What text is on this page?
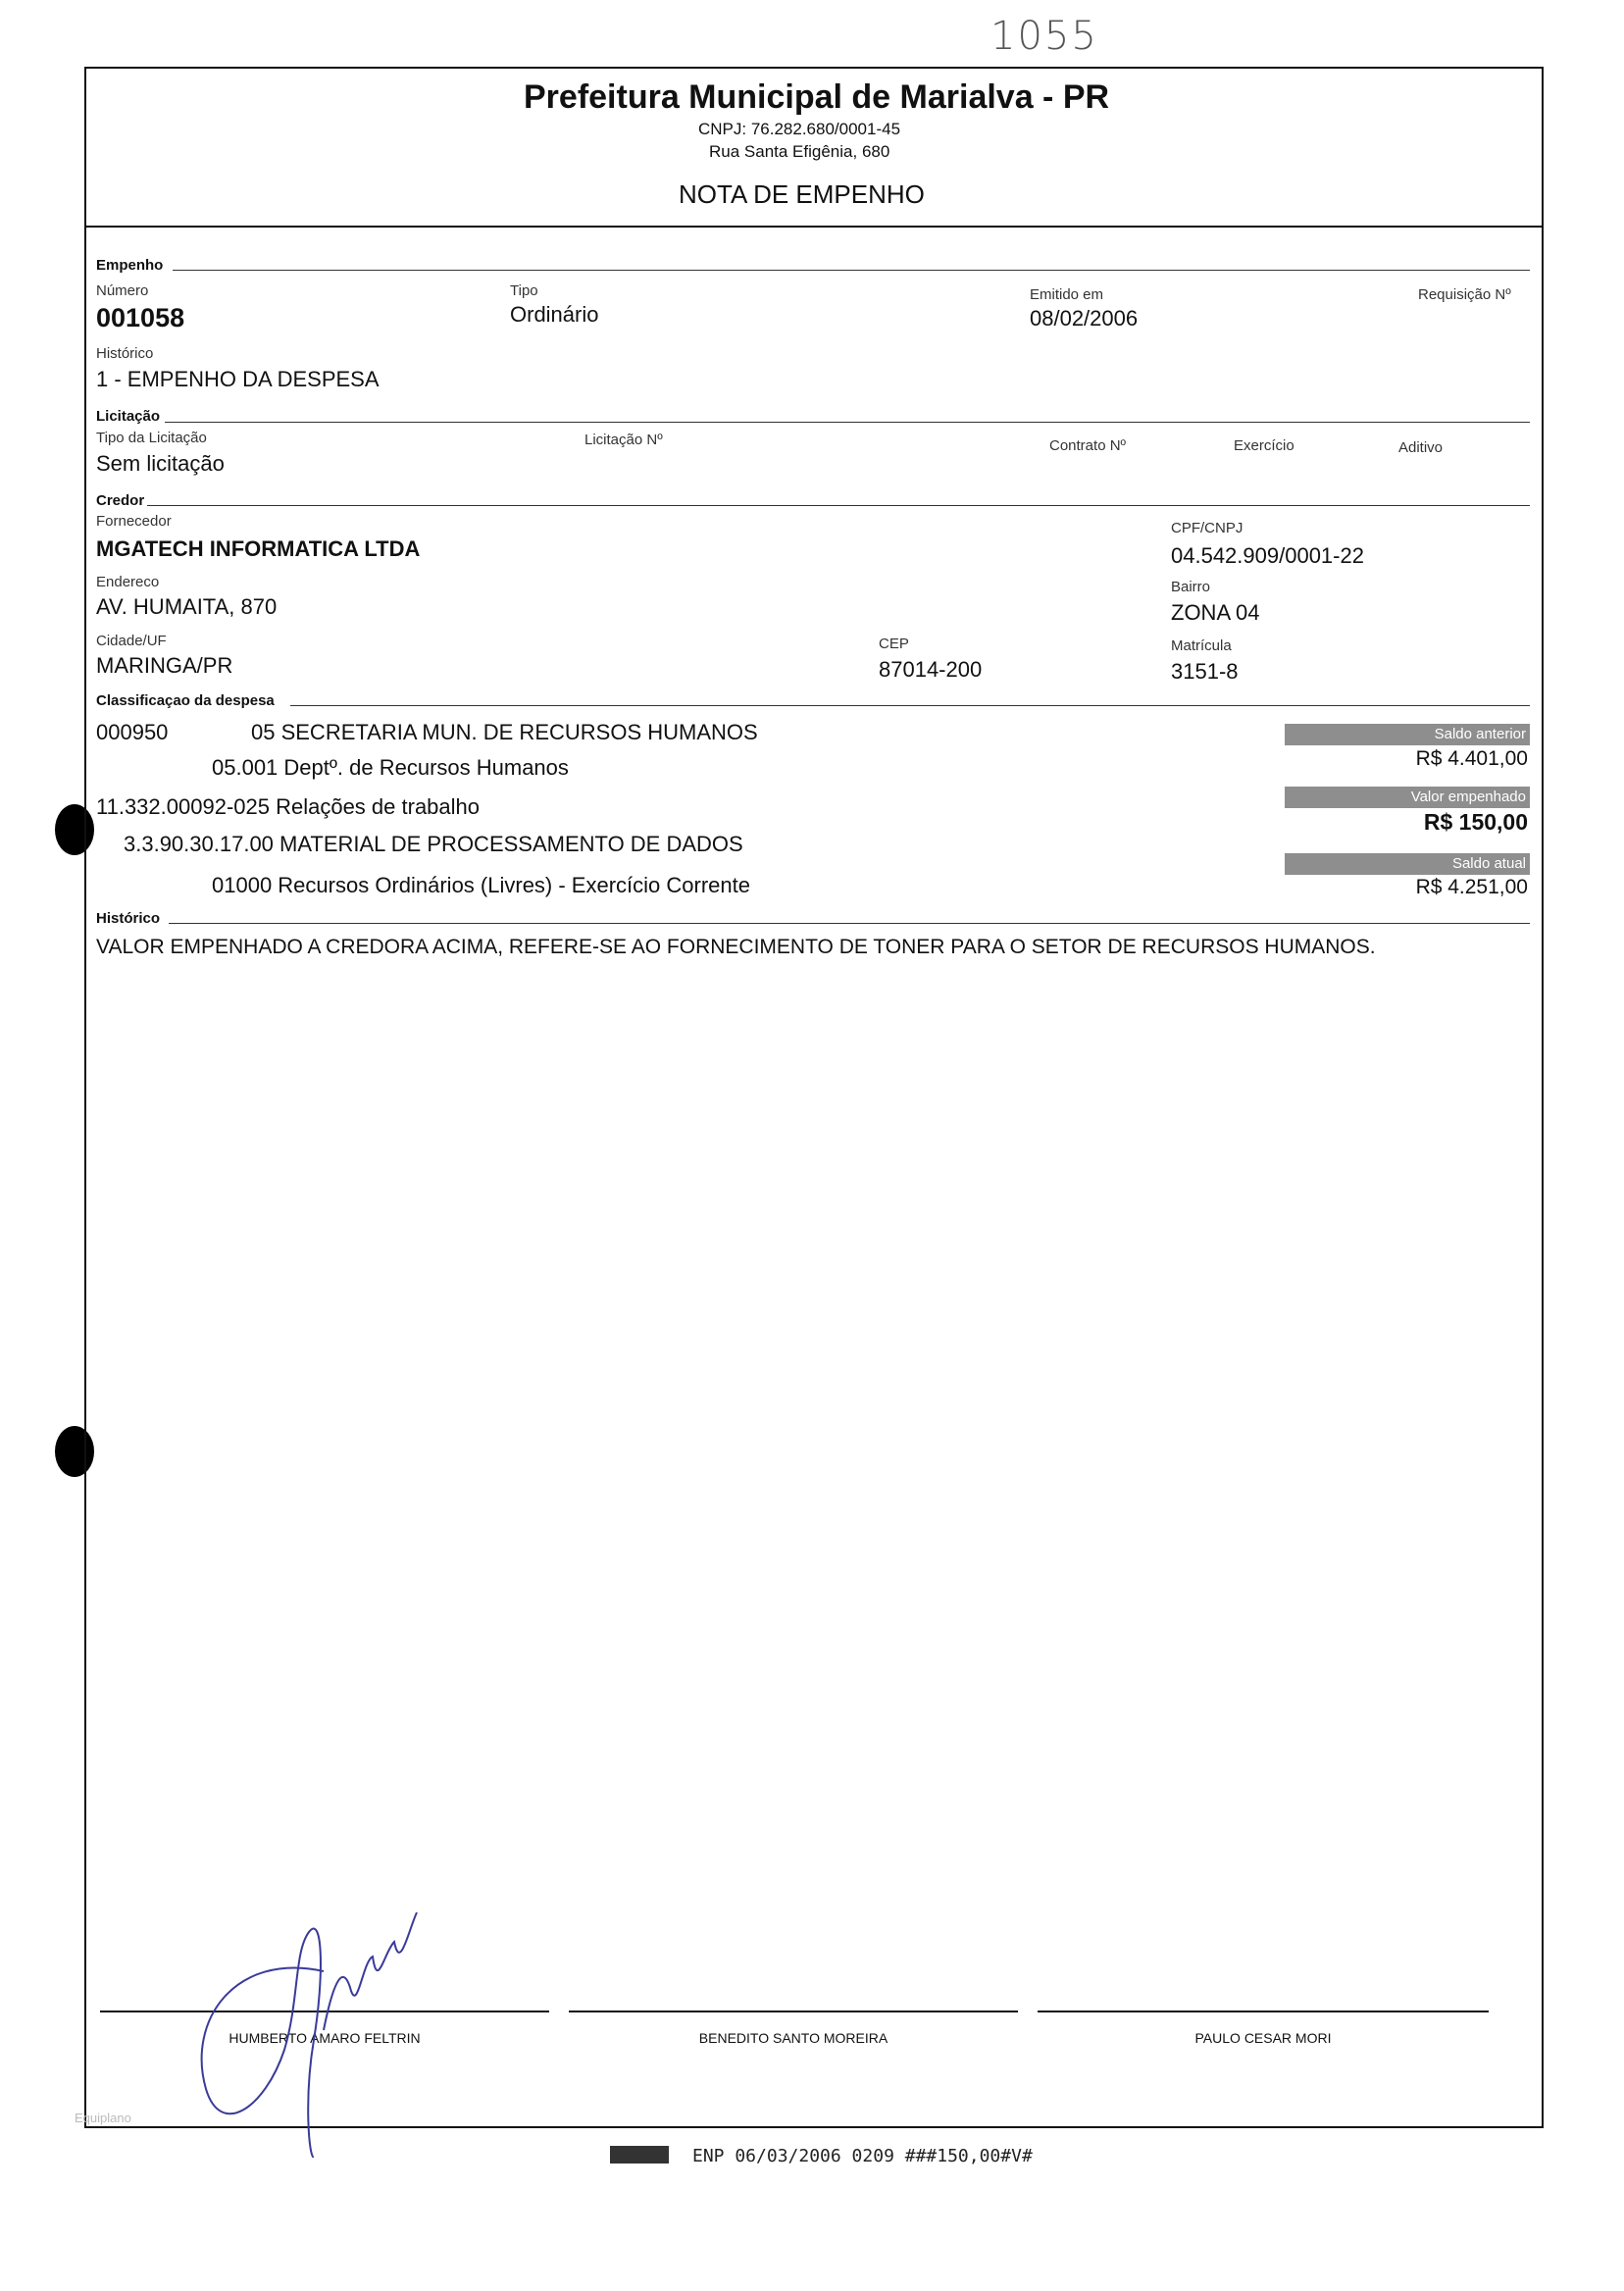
1055
Prefeitura Municipal de Marialva - PR
CNPJ: 76.282.680/0001-45
Rua Santa Efigênia, 680
NOTA DE EMPENHO
Empenho
Número
001058
Tipo
Ordinário
Emitido em
08/02/2006
Requisição Nº
Histórico
1 - EMPENHO DA DESPESA
Licitação
Tipo da Licitação
Sem licitação
Licitação Nº	Contrato Nº	Exercício	Aditivo
Credor
Fornecedor
MGATECH INFORMATICA LTDA
CPF/CNPJ
04.542.909/0001-22
Endereco
AV. HUMAITA, 870
Bairro
ZONA 04
Cidade/UF
MARINGA/PR
CEP
87014-200
Matrícula
3151-8
Classificaçao da despesa
000950	05 SECRETARIA MUN. DE RECURSOS HUMANOS
05.001 Deptº. de Recursos Humanos
11.332.00092-025 Relações de trabalho
3.3.90.30.17.00 MATERIAL DE PROCESSAMENTO DE DADOS
01000 Recursos Ordinários (Livres) - Exercício Corrente
Saldo anterior
R$ 4.401,00
Valor empenhado
R$ 150,00
Saldo atual
R$ 4.251,00
Histórico
VALOR EMPENHADO A CREDORA ACIMA, REFERE-SE AO FORNECIMENTO DE TONER PARA O SETOR DE RECURSOS HUMANOS.
HUMBERTO AMARO FELTRIN	BENEDITO SANTO MOREIRA	PAULO CESAR MORI
Equiplano
ENP 06/03/2006 0209 ###150,00#V#
